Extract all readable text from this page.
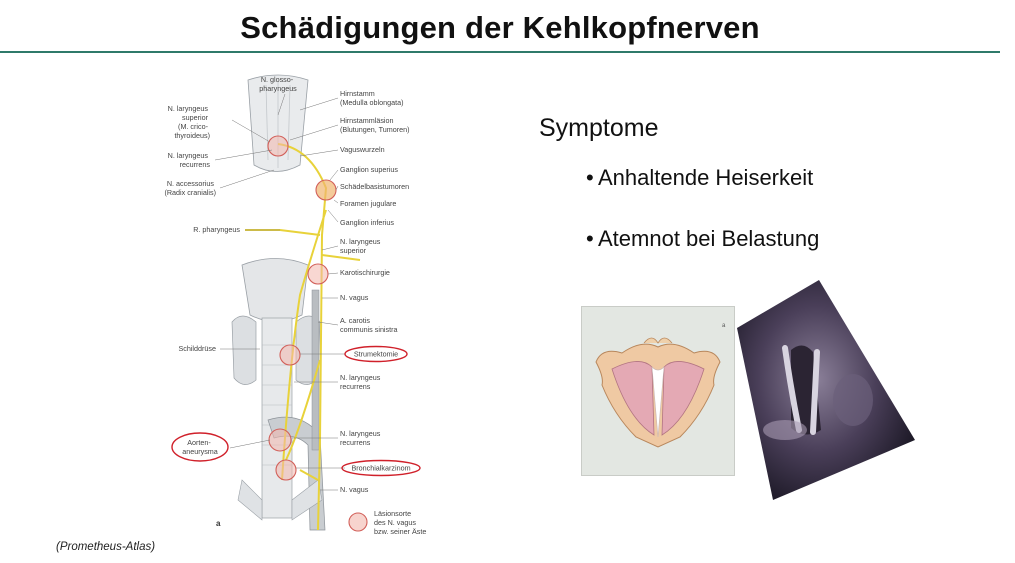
Schädigungen der Kehlkopfnerven
N. laryngeus superior (M. crico- thyroideus)
N. laryngeus recurrens
N. accessorius (Radix cranialis)
R. pharyngeus
Schilddrüse
Aorten- aneurysma
N. glosso- pharyngeus
Hirnstamm (Medulla oblongata)
Hirnstammläsion (Blutungen, Tumoren)
Vaguswurzeln
Ganglion superius
Schädelbasistumoren
Foramen jugulare
Ganglion inferius
N. laryngeus superior
Karotischirurgie
N. vagus
A. carotis communis sinistra
Strumektomie
N. laryngeus recurrens
N. laryngeus recurrens
Bronchialkarzinom
N. vagus
a
Läsionsorte des N. vagus bzw. seiner Äste
(Prometheus-Atlas)
Symptome
• Anhaltende Heiserkeit
• Atemnot bei Belastung
a
